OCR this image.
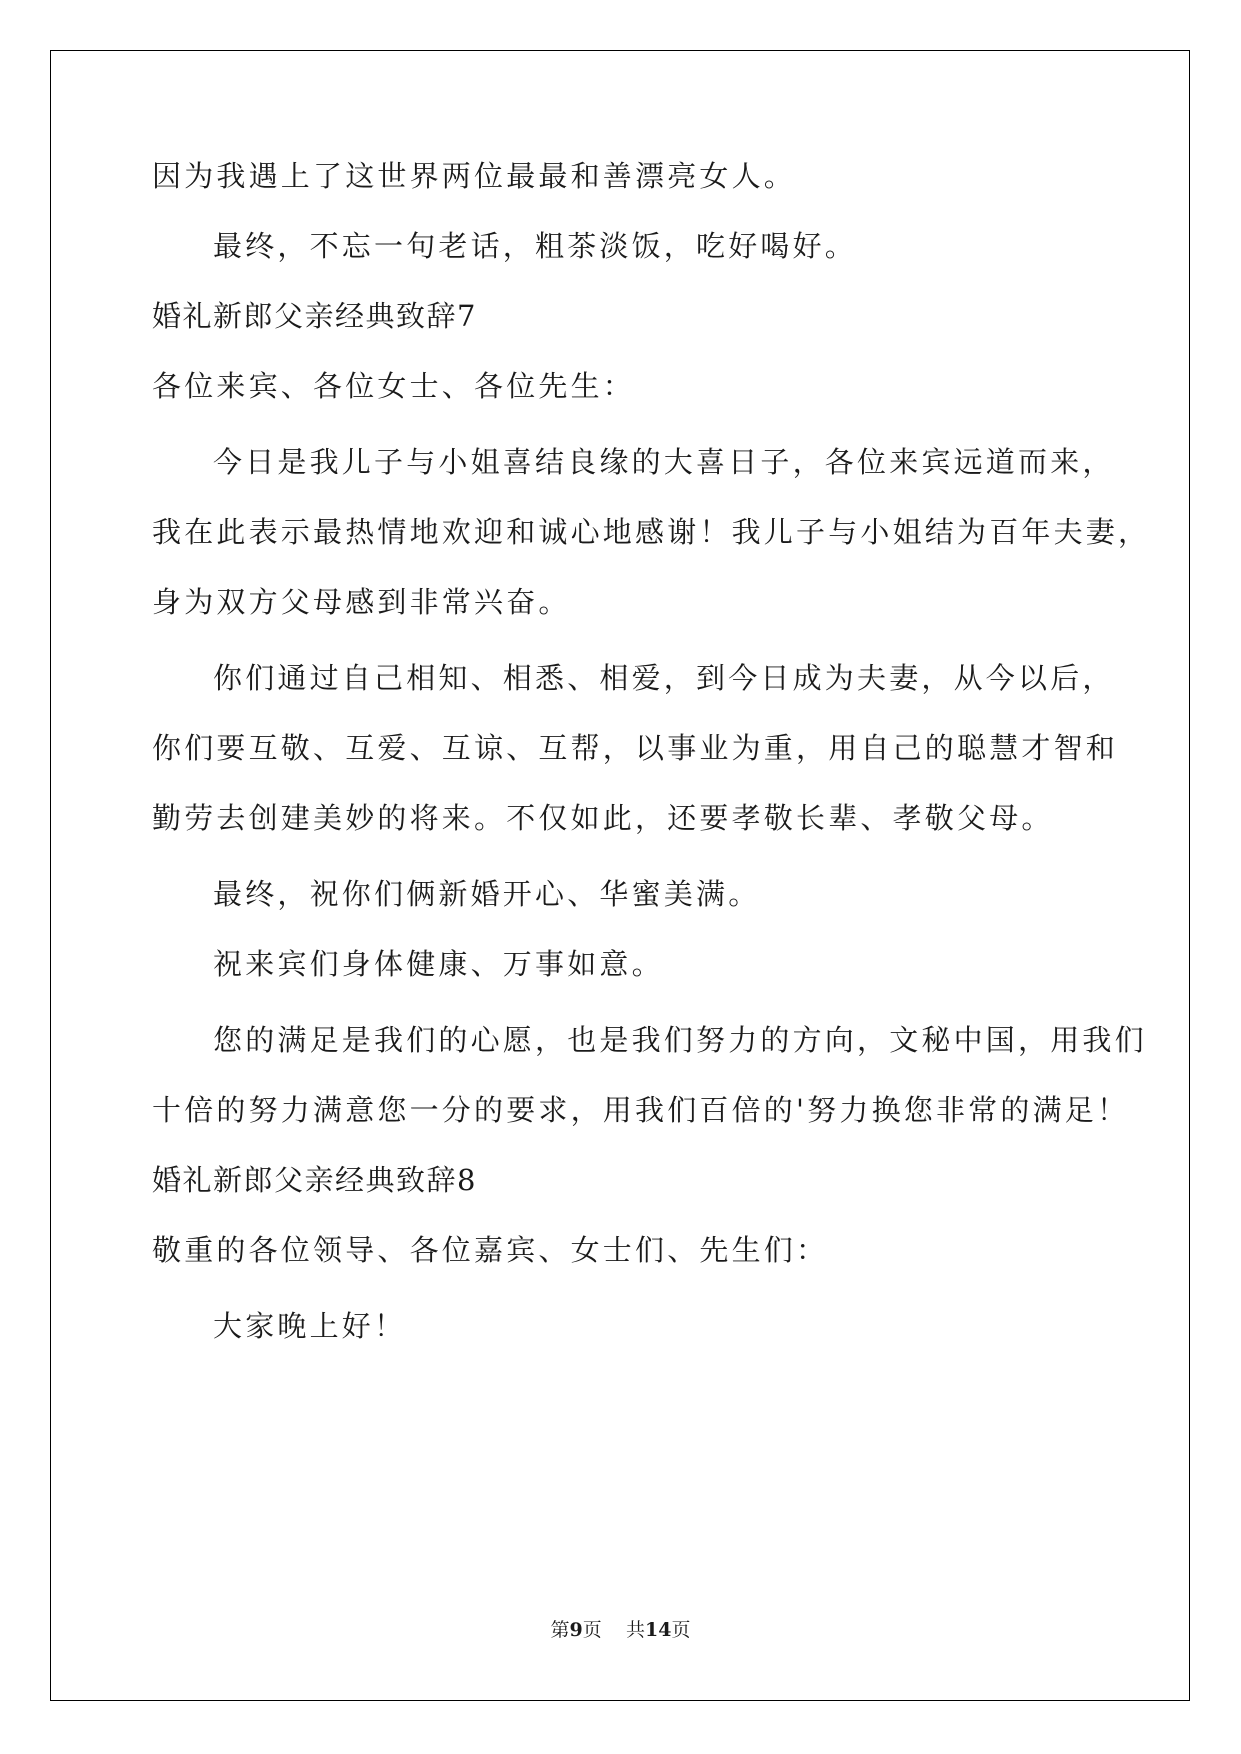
因为我遇上了这世界两位最最和善漂亮女人。
最终，不忘一句老话，粗茶淡饭，吃好喝好。
婚礼新郎父亲经典致辞7
各位来宾、各位女士、各位先生：
今日是我儿子与小姐喜结良缘的大喜日子，各位来宾远道而来，
我在此表示最热情地欢迎和诚心地感谢！我儿子与小姐结为百年夫妻，
身为双方父母感到非常兴奋。
你们通过自己相知、相悉、相爱，到今日成为夫妻，从今以后，
你们要互敬、互爱、互谅、互帮，以事业为重，用自己的聪慧才智和
勤劳去创建美妙的将来。不仅如此，还要孝敬长辈、孝敬父母。
最终，祝你们俩新婚开心、华蜜美满。
祝来宾们身体健康、万事如意。
您的满足是我们的心愿，也是我们努力的方向，文秘中国，用我们
十倍的努力满意您一分的要求，用我们百倍的'努力换您非常的满足！
婚礼新郎父亲经典致辞8
敬重的各位领导、各位嘉宾、女士们、先生们：
大家晚上好！
第9页 共14页
